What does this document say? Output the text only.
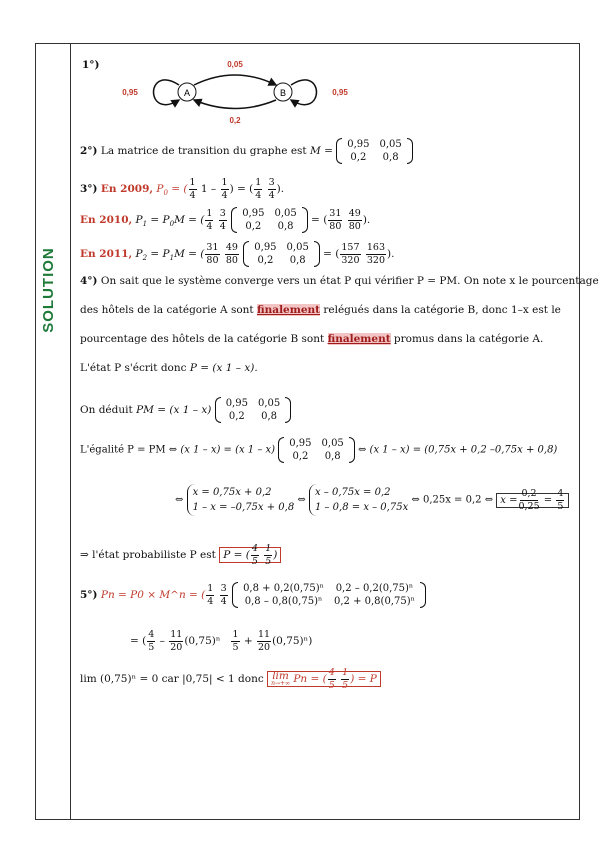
SOLUTION
1°)
A	B
0,05
0,2
0,95	0,95
2°) La matrice de transition du graphe est M =
0,95	0,05
0,2	0,8
3°) En 2009, $P_0$ = ( $\frac{1}{4} 1 - \frac{1}{4}$ ) = ( $\frac{1}{4}$
$\frac{3}{4}$ ).
En 2010, $P_1 = P_0M$ = ( $\frac{1}{4}$
$\frac{3}{4}$
0,95	0,05
0,2	0,8
= ( $\frac{31}{80}$
$\frac{49}{80}$ ).
En 2011, $P_2 = P_1M$ = ( $\frac{31}{80}$
$\frac{49}{80}$
0,95	0,05
0,2	0,8
= ( $\frac{157}{320}$
$\frac{163}{320}$ ).
4°) On sait que le système converge vers un état P qui vérifier P = PM. On note x le pourcentage
des hôtels de la catégorie A sont finalement relégués dans la catégorie B, donc 1–x est le
pourcentage des hôtels de la catégorie B sont finalement promus dans la catégorie A.
L'état P s'écrit donc P = (x 1 – x).
On déduit PM = (x 1 – x)
0,95	0,05
0,2	0,8
L'égalité P = PM ⇔ (x 1 – x) = (x 1 – x)
0,95	0,05
0,2	0,8
⇔ (x 1 – x) = (0,75x + 0,2 –0,75x + 0,8)
⇔ x = 0,75x + 0,2
1 – x = –0,75x + 0,8 ⇔ x – 0,75x = 0,2
1 – 0,8 = x – 0,75x ⇔ 0,25x = 0,2 ⇔ $x = \frac{0,2}{0,25} = \frac{4}{5}$
⇒ l'état probabiliste P est P = ( $\frac{4}{5}$
$\frac{1}{5}$ )
5°) Pn = P0 × M^n = ( $\frac{1}{4}$
$\frac{3}{4}$
0,8 + 0,2(0,75)ⁿ	0,2 – 0,2(0,75)ⁿ
0,8 – 0,8(0,75)ⁿ	0,2 + 0,8(0,75)ⁿ
= ( $\frac{4}{5} - \frac{11}{20} (0,75)^n \frac{1}{5} + \frac{11}{20} (0,75)^n$)
lim (0,75)ⁿ = 0 car |0,75| < 1 donc lim
n→+∞ Pn = ( $\frac{4}{5}$
$\frac{1}{5}$ ) = P
